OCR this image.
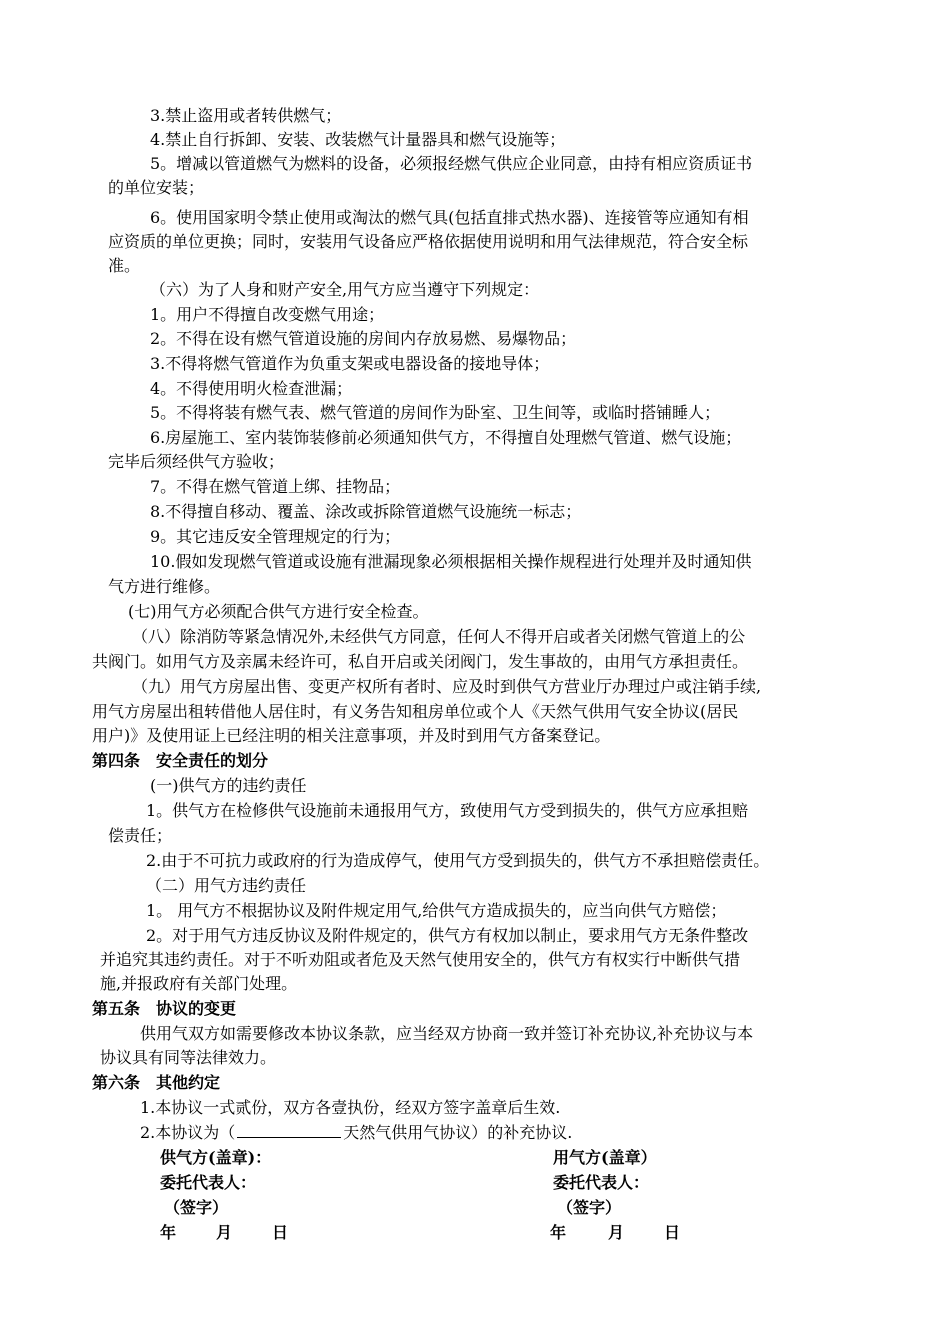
3.禁止盗用或者转供燃气；
4.禁止自行拆卸、安装、改装燃气计量器具和燃气设施等；
5。增减以管道燃气为燃料的设备，必须报经燃气供应企业同意，由持有相应资质证书
的单位安装；
6。使用国家明令禁止使用或淘汰的燃气具(包括直排式热水器)、连接管等应通知有相
应资质的单位更换；同时，安装用气设备应严格依据使用说明和用气法律规范，符合安全标
准。
（六）为了人身和财产安全,用气方应当遵守下列规定：
1。用户不得擅自改变燃气用途；
2。不得在设有燃气管道设施的房间内存放易燃、易爆物品；
3.不得将燃气管道作为负重支架或电器设备的接地导体；
4。不得使用明火检查泄漏；
5。不得将装有燃气表、燃气管道的房间作为卧室、卫生间等，或临时搭铺睡人；
6.房屋施工、室内装饰装修前必须通知供气方，不得擅自处理燃气管道、燃气设施；
完毕后须经供气方验收；
7。不得在燃气管道上绑、挂物品；
8.不得擅自移动、覆盖、涂改或拆除管道燃气设施统一标志；
9。其它违反安全管理规定的行为；
10.假如发现燃气管道或设施有泄漏现象必须根据相关操作规程进行处理并及时通知供
气方进行维修。
(七)用气方必须配合供气方进行安全检查。
（八）除消防等紧急情况外,未经供气方同意，任何人不得开启或者关闭燃气管道上的公
共阀门。如用气方及亲属未经许可，私自开启或关闭阀门，发生事故的，由用气方承担责任。
（九）用气方房屋出售、变更产权所有者时、应及时到供气方营业厅办理过户或注销手续,
用气方房屋出租转借他人居住时，有义务告知租房单位或个人《天然气供用气安全协议(居民
用户)》及使用证上已经注明的相关注意事项，并及时到用气方备案登记。
第四条　安全责任的划分
(一)供气方的违约责任
1。供气方在检修供气设施前未通报用气方，致使用气方受到损失的，供气方应承担赔
偿责任；
2.由于不可抗力或政府的行为造成停气，使用气方受到损失的，供气方不承担赔偿责任。
（二）用气方违约责任
1。 用气方不根据协议及附件规定用气,给供气方造成损失的，应当向供气方赔偿；
2。对于用气方违反协议及附件规定的，供气方有权加以制止，要求用气方无条件整改
并追究其违约责任。对于不听劝阻或者危及天然气使用安全的，供气方有权实行中断供气措
施,并报政府有关部门处理。
第五条　协议的变更
供用气双方如需要修改本协议条款，应当经双方协商一致并签订补充协议,补充协议与本
协议具有同等法律效力。
第六条　其他约定
1.本协议一式贰份，双方各壹执份，经双方签字盖章后生效.
2.本协议为（	天然气供用气协议）的补充协议.
供气方(盖章)：
委托代表人：
（签字）
年 月 日
用气方(盖章）
委托代表人：
（签字）
年	月 日
